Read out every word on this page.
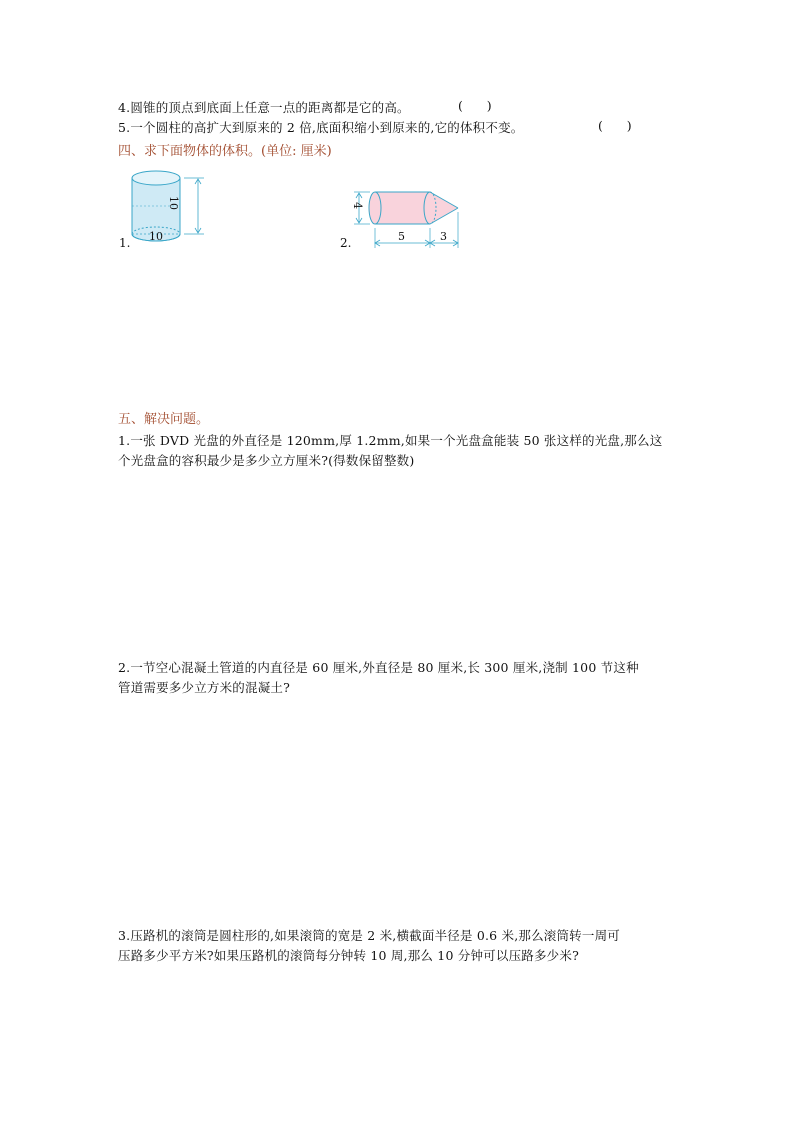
4.圆锥的顶点到底面上任意一点的距离都是它的高。	(      )
5.一个圆柱的高扩大到原来的 2 倍,底面积缩小到原来的,它的体积不变。	(      )
四、求下面物体的体积。(单位: 厘米)
1.
10
10	2.
4
5	3
五、解决问题。
1.一张 DVD 光盘的外直径是 120mm,厚 1.2mm,如果一个光盘盒能装 50 张这样的光盘,那么这
个光盘盒的容积最少是多少立方厘米?(得数保留整数)
2.一节空心混凝土管道的内直径是 60 厘米,外直径是 80 厘米,长 300 厘米,浇制 100 节这种
管道需要多少立方米的混凝土?
3.压路机的滚筒是圆柱形的,如果滚筒的宽是 2 米,横截面半径是 0.6 米,那么滚筒转一周可
压路多少平方米?如果压路机的滚筒每分钟转 10 周,那么 10 分钟可以压路多少米?
